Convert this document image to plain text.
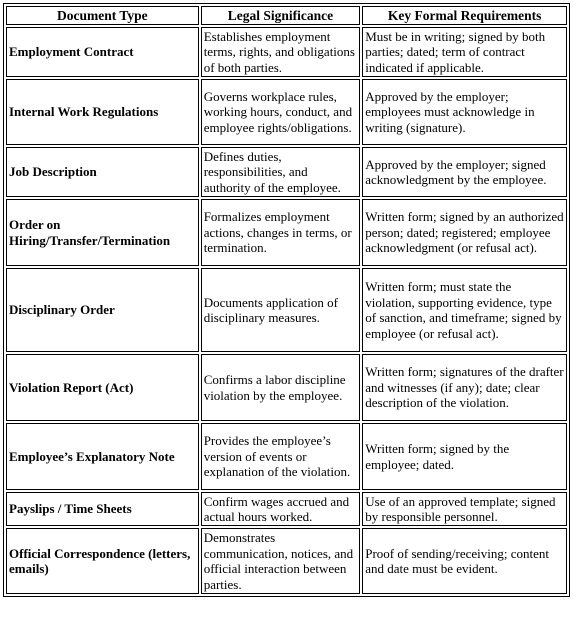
Document Type	Legal Significance	Key Formal Requirements
Employment Contract	Establishes employment terms, rights, and obligations of both parties.	Must be in writing; signed by both parties; dated; term of contract indicated if applicable.
Internal Work Regulations	Governs workplace rules, working hours, conduct, and employee rights/obligations.	Approved by the employer; employees must acknowledge in writing (signature).
Job Description	Defines duties, responsibilities, and authority of the employee.	Approved by the employer; signed acknowledgment by the employee.
Order on Hiring/Transfer/Termination	Formalizes employment actions, changes in terms, or termination.	Written form; signed by an authorized person; dated; registered; employee acknowledgment (or refusal act).
Disciplinary Order	Documents application of disciplinary measures.	Written form; must state the violation, supporting evidence, type of sanction, and timeframe; signed by employee (or refusal act).
Violation Report (Act)	Confirms a labor discipline violation by the employee.	Written form; signatures of the drafter and witnesses (if any); date; clear description of the violation.
Employee’s Explanatory Note	Provides the employee’s version of events or explanation of the violation.	Written form; signed by the employee; dated.
Payslips / Time Sheets	Confirm wages accrued and actual hours worked.	Use of an approved template; signed by responsible personnel.
Official Correspondence (letters, emails)	Demonstrates communication, notices, and official interaction between parties.	Proof of sending/receiving; content and date must be evident.
